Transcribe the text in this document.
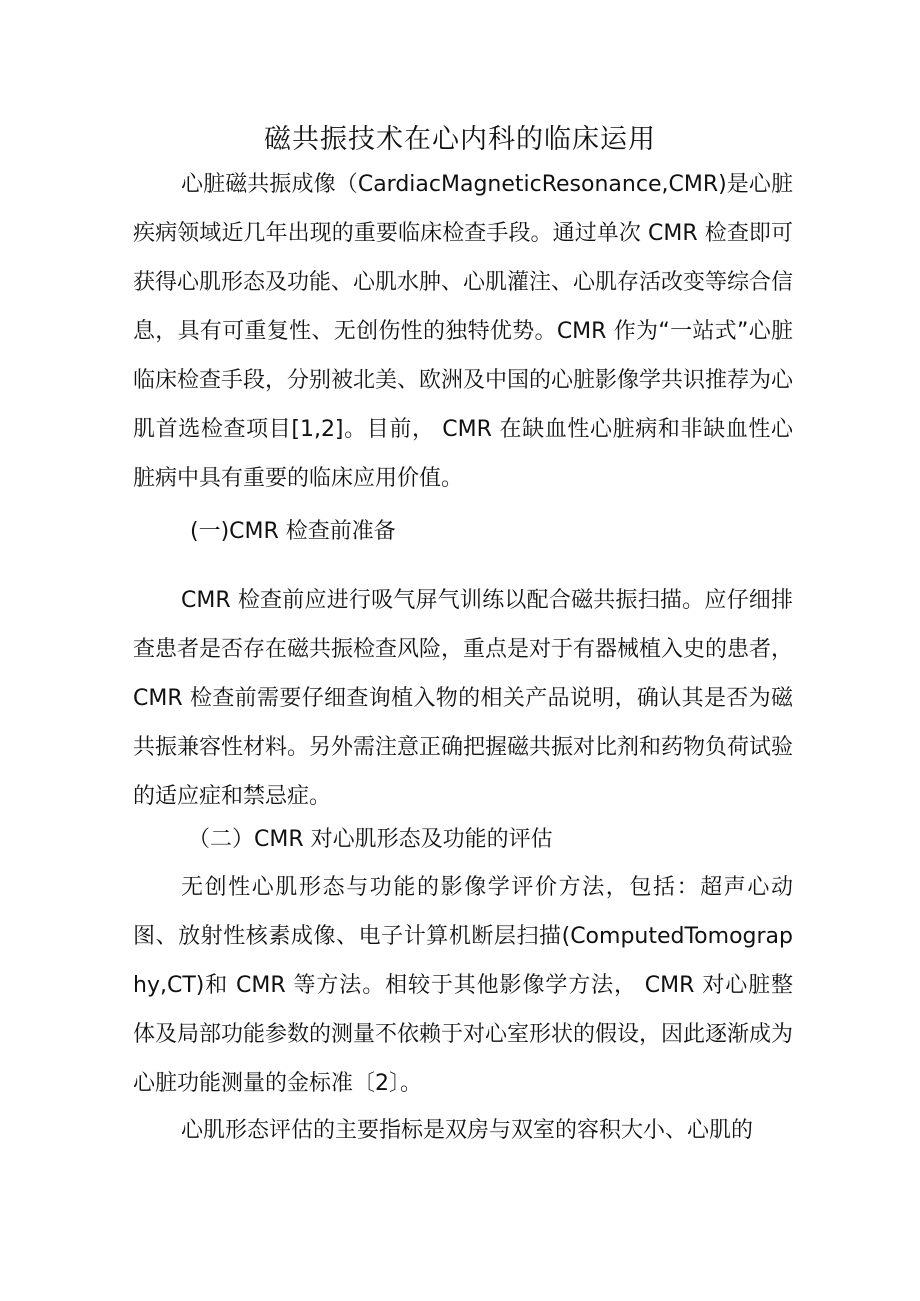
磁共振技术在心内科的临床运用

心脏磁共振成像（CardiacMagneticResonance,CMR)是心脏疾病领域近几年出现的重要临床检查手段。通过单次 CMR 检查即可获得心肌形态及功能、心肌水肿、心肌灌注、心肌存活改变等综合信息，具有可重复性、无创伤性的独特优势。CMR 作为“一站式”心脏临床检查手段，分别被北美、欧洲及中国的心脏影像学共识推荐为心肌首选检查项目[1,2]。目前， CMR 在缺血性心脏病和非缺血性心脏病中具有重要的临床应用价值。

(一)CMR 检查前准备

CMR 检查前应进行吸气屏气训练以配合磁共振扫描。应仔细排查患者是否存在磁共振检查风险，重点是对于有器械植入史的患者， CMR 检查前需要仔细查询植入物的相关产品说明，确认其是否为磁共振兼容性材料。另外需注意正确把握磁共振对比剂和药物负荷试验的适应症和禁忌症。

（二）CMR 对心肌形态及功能的评估

无创性心肌形态与功能的影像学评价方法，包括：超声心动图、放射性核素成像、电子计算机断层扫描(ComputedTomography,CT)和 CMR 等方法。相较于其他影像学方法， CMR 对心脏整体及局部功能参数的测量不依赖于对心室形状的假设，因此逐渐成为心脏功能测量的金标准〔2〕。

心肌形态评估的主要指标是双房与双室的容积大小、心肌的
